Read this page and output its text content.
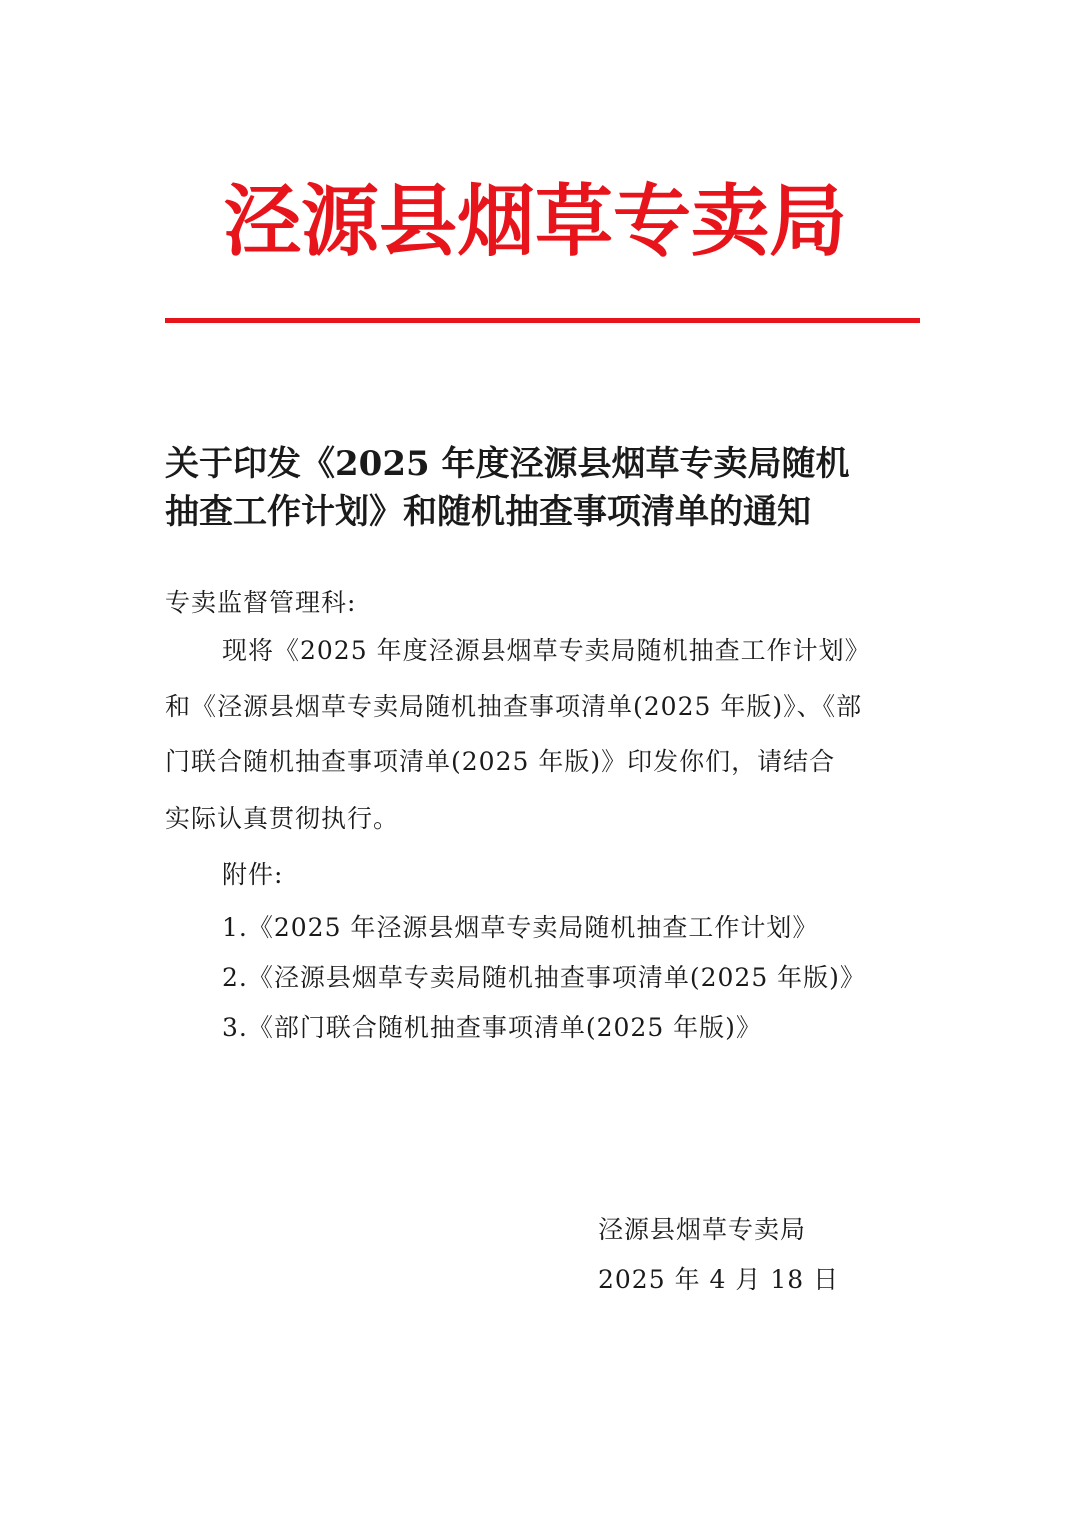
泾源县烟草专卖局
关于印发《2025 年度泾源县烟草专卖局随机
抽查工作计划》和随机抽查事项清单的通知
专卖监督管理科:
现将《2025 年度泾源县烟草专卖局随机抽查工作计划》
和《泾源县烟草专卖局随机抽查事项清单(2025 年版)》、《部
门联合随机抽查事项清单(2025 年版)》印发你们，请结合
实际认真贯彻执行。
附件:
1.《2025 年泾源县烟草专卖局随机抽查工作计划》
2.《泾源县烟草专卖局随机抽查事项清单(2025 年版)》
3.《部门联合随机抽查事项清单(2025 年版)》
泾源县烟草专卖局
2025 年 4 月 18 日
